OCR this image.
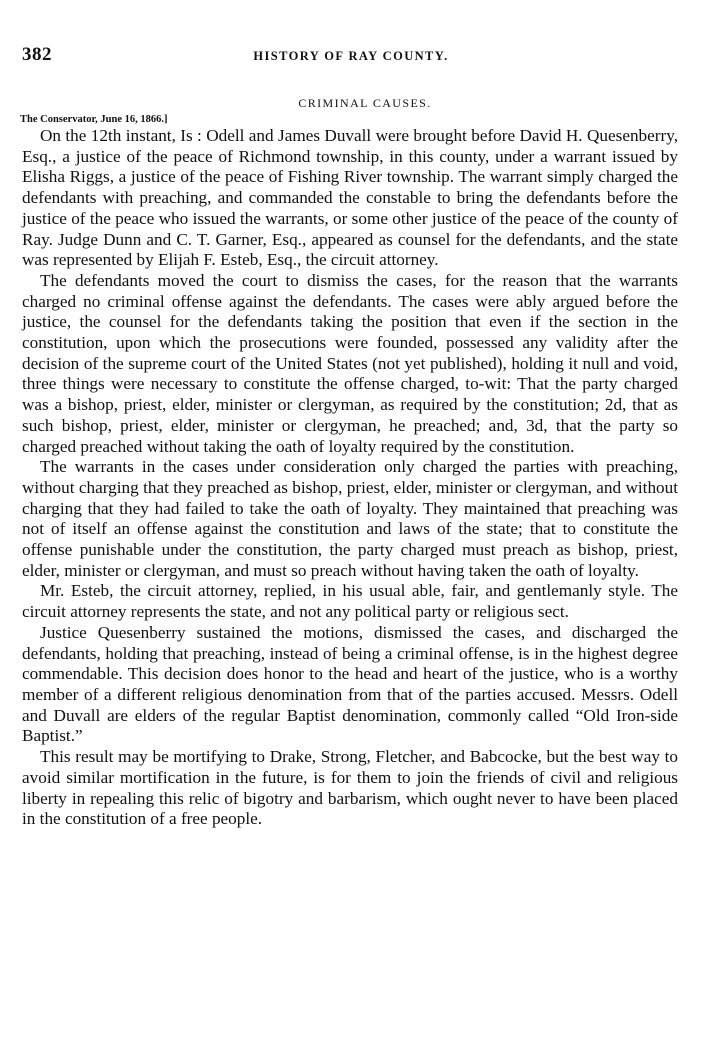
382	HISTORY OF RAY COUNTY.
CRIMINAL CAUSES.
The Conservator, June 16, 1866.]

On the 12th instant, Is : Odell and James Duvall were brought before David H. Quesenberry, Esq., a justice of the peace of Richmond township, in this county, under a warrant issued by Elisha Riggs, a justice of the peace of Fishing River township. The warrant simply charged the defendants with preaching, and commanded the constable to bring the defendants before the justice of the peace who issued the warrants, or some other justice of the peace of the county of Ray. Judge Dunn and C. T. Garner, Esq., appeared as counsel for the defendants, and the state was represented by Elijah F. Esteb, Esq., the circuit attorney.

The defendants moved the court to dismiss the cases, for the reason that the warrants charged no criminal offense against the defendants. The cases were ably argued before the justice, the counsel for the defendants taking the position that even if the section in the constitution, upon which the prosecutions were founded, possessed any validity after the decision of the supreme court of the United States (not yet published), holding it null and void, three things were necessary to constitute the offense charged, to-wit: That the party charged was a bishop, priest, elder, minister or clergyman, as required by the constitution; 2d, that as such bishop, priest, elder, minister or clergyman, he preached; and, 3d, that the party so charged preached without taking the oath of loyalty required by the constitution.

The warrants in the cases under consideration only charged the parties with preaching, without charging that they preached as bishop, priest, elder, minister or clergyman, and without charging that they had failed to take the oath of loyalty. They maintained that preaching was not of itself an offense against the constitution and laws of the state; that to constitute the offense punishable under the constitution, the party charged must preach as bishop, priest, elder, minister or clergyman, and must so preach without having taken the oath of loyalty.

Mr. Esteb, the circuit attorney, replied, in his usual able, fair, and gentlemanly style. The circuit attorney represents the state, and not any political party or religious sect.

Justice Quesenberry sustained the motions, dismissed the cases, and discharged the defendants, holding that preaching, instead of being a criminal offense, is in the highest degree commendable. This decision does honor to the head and heart of the justice, who is a worthy member of a different religious denomination from that of the parties accused. Messrs. Odell and Duvall are elders of the regular Baptist denomination, commonly called “Old Iron-side Baptist.”

This result may be mortifying to Drake, Strong, Fletcher, and Babcocke, but the best way to avoid similar mortification in the future, is for them to join the friends of civil and religious liberty in repealing this relic of bigotry and barbarism, which ought never to have been placed in the constitution of a free people.
